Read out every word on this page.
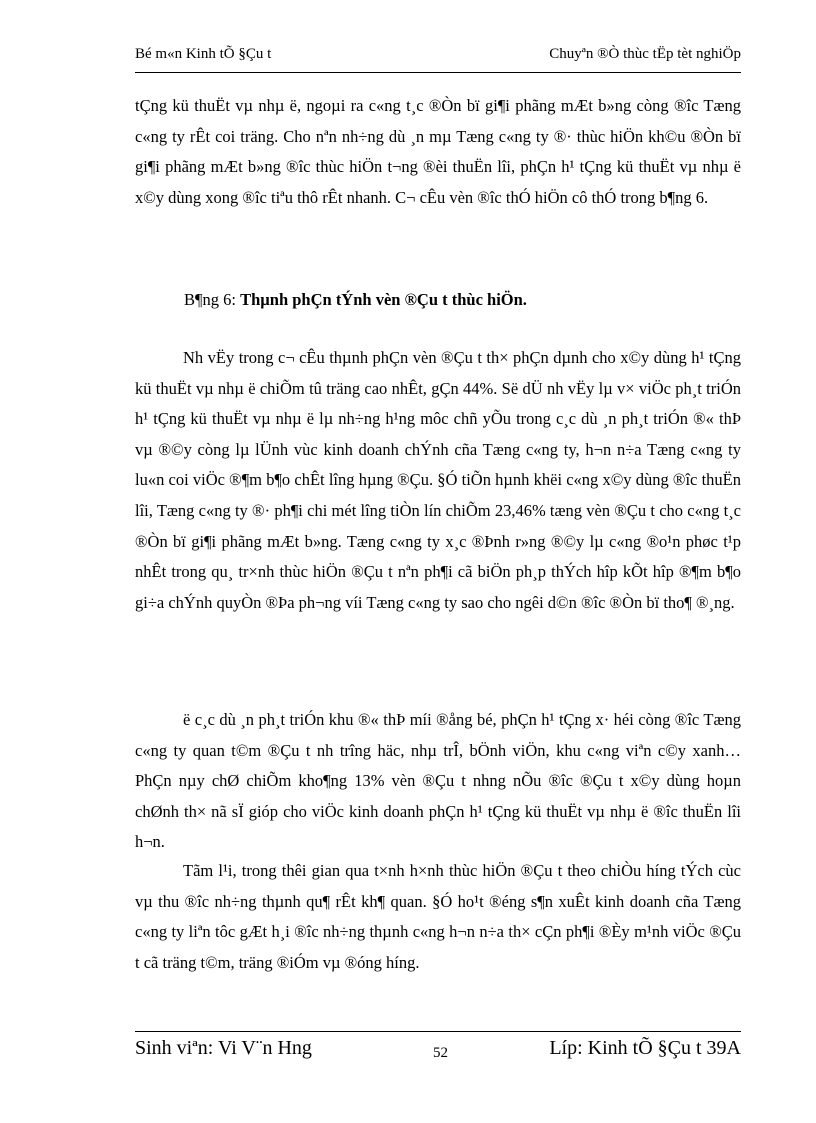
Bé m«n Kinh tÕ §Çu t	Chuyªn ®Ò thùc tËp tèt nghiÖp

tÇng kü thuËt vµ nhµ ë, ngoµi ra c«ng t¸c ®Òn bï gi¶i phãng mÆt b»ng còng ®îc Tæng c«ng ty rÊt coi träng. Cho nªn nh÷ng dù ¸n mµ Tæng c«ng ty ®· thùc hiÖn kh©u ®Òn bï gi¶i phãng mÆt b»ng ®îc thùc hiÖn t¬ng ®èi thuËn lîi, phÇn h¹ tÇng kü thuËt vµ nhµ ë x©y dùng xong ®îc tiªu thô rÊt nhanh. C¬ cÊu vèn ®îc thÓ hiÖn cô thÓ trong b¶ng 6.

B¶ng 6: Thµnh phÇn tÝnh vèn ®Çu t thùc hiÖn.

Nh vËy trong c¬ cÊu thµnh phÇn vèn ®Çu t th× phÇn dµnh cho x©y dùng h¹ tÇng kü thuËt vµ nhµ ë chiÕm tû träng cao nhÊt, gÇn 44%. Së dÜ nh vËy lµ v× viÖc ph¸t triÓn h¹ tÇng kü thuËt vµ nhµ ë lµ nh÷ng h¹ng môc chñ yÕu trong c¸c dù ¸n ph¸t triÓn ®« thÞ vµ ®©y còng lµ lÜnh vùc kinh doanh chÝnh cña Tæng c«ng ty, h¬n n÷a Tæng c«ng ty lu«n coi viÖc ®¶m b¶o chÊt lîng hµng ®Çu. §Ó tiÕn hµnh khëi c«ng x©y dùng ®îc thuËn lîi, Tæng c«ng ty ®· ph¶i chi mét lîng tiÒn lín chiÕm 23,46% tæng vèn ®Çu t cho c«ng t¸c ®Òn bï gi¶i phãng mÆt b»ng. Tæng c«ng ty x¸c ®Þnh r»ng ®©y lµ c«ng ®o¹n phøc t¹p nhÊt trong qu¸ tr×nh thùc hiÖn ®Çu t nªn ph¶i cã biÖn ph¸p thÝch hîp kÕt hîp ®¶m b¶o gi÷a chÝnh quyÒn ®Þa ph¬ng víi Tæng c«ng ty sao cho ngêi d©n ®îc ®Òn bï tho¶ ®¸ng.

ë c¸c dù ¸n ph¸t triÓn khu ®« thÞ míi ®ång bé, phÇn h¹ tÇng x· héi còng ®îc Tæng c«ng ty quan t©m ®Çu t nh trîng häc, nhµ trÎ, bÖnh viÖn, khu c«ng viªn c©y xanh… PhÇn nµy chØ chiÕm kho¶ng 13% vèn ®Çu t nhng nÕu ®îc ®Çu t x©y dùng hoµn chØnh th× nã sÏ gióp cho viÖc kinh doanh phÇn h¹ tÇng kü thuËt vµ nhµ ë ®îc thuËn lîi h¬n.

Tãm l¹i, trong thêi gian qua t×nh h×nh thùc hiÖn ®Çu t theo chiÒu híng tÝch cùc vµ thu ®îc nh÷ng thµnh qu¶ rÊt kh¶ quan. §Ó ho¹t ®éng s¶n xuÊt kinh doanh cña Tæng c«ng ty liªn tôc gÆt h¸i ®îc nh÷ng thµnh c«ng h¬n n÷a th× cÇn ph¶i ®Èy m¹nh viÖc ®Çu t cã träng t©m, träng ®iÓm vµ ®óng híng.

Sinh viªn: Vi V¨n Hng	52	Líp: Kinh tÕ §Çu t 39A
